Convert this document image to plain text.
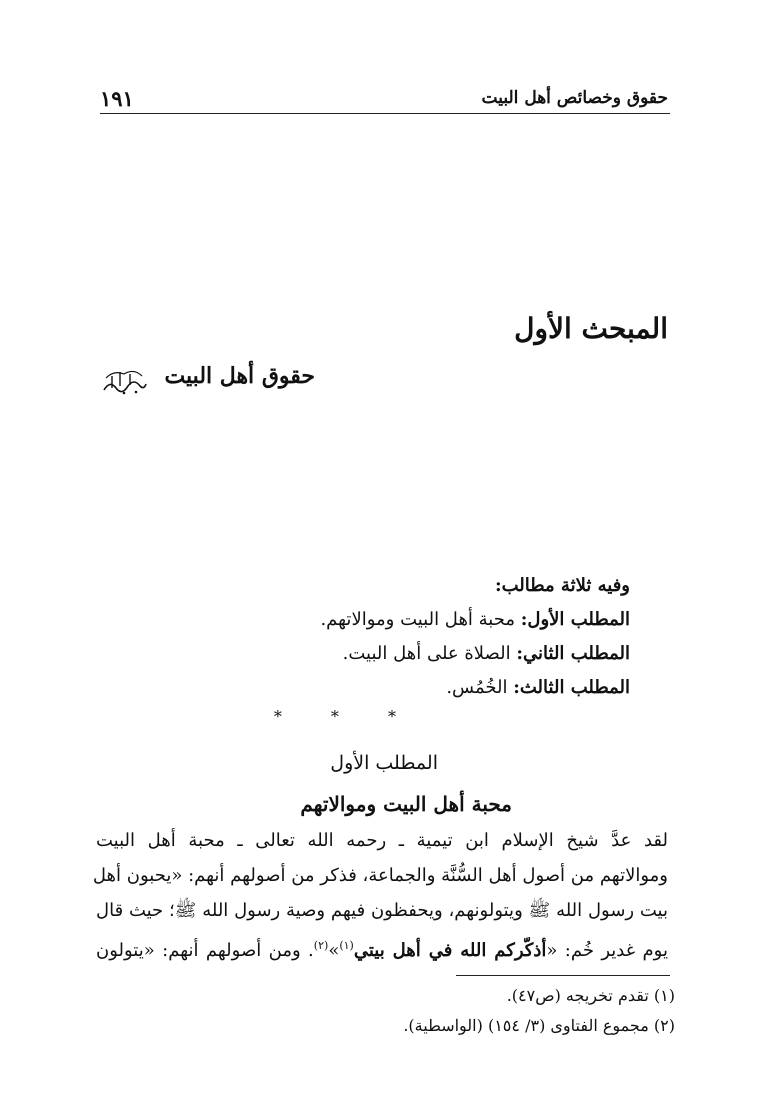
حقوق وخصائص أهل البيت
١٩١
المبحث الأول
حقوق أهل البيت
وفيه ثلاثة مطالب:
المطلب الأول: محبة أهل البيت وموالاتهم.
المطلب الثاني: الصلاة على أهل البيت.
المطلب الثالث: الخُمُس.
* * *
المطلب الأول
محبة أهل البيت وموالاتهم
لقد عدَّ شيخ الإسلام ابن تيمية ـ رحمه الله تعالى ـ محبة أهل البيت
وموالاتهم من أصول أهل السُّنَّة والجماعة، فذكر من أصولهم أنهم: «يحبون أهل
بيت رسول الله ﷺ ويتولونهم، ويحفظون فيهم وصية رسول الله ﷺ؛ حيث قال
يوم غدير خُم: «أذكّركم الله في أهل بيتي$^{(١)}$»$^{(٢)}$. ومن أصولهم أنهم: «يتولون
(١) تقدم تخريجه (ص٤٧).
(٢) مجموع الفتاوى (٣/ ١٥٤) (الواسطية).
